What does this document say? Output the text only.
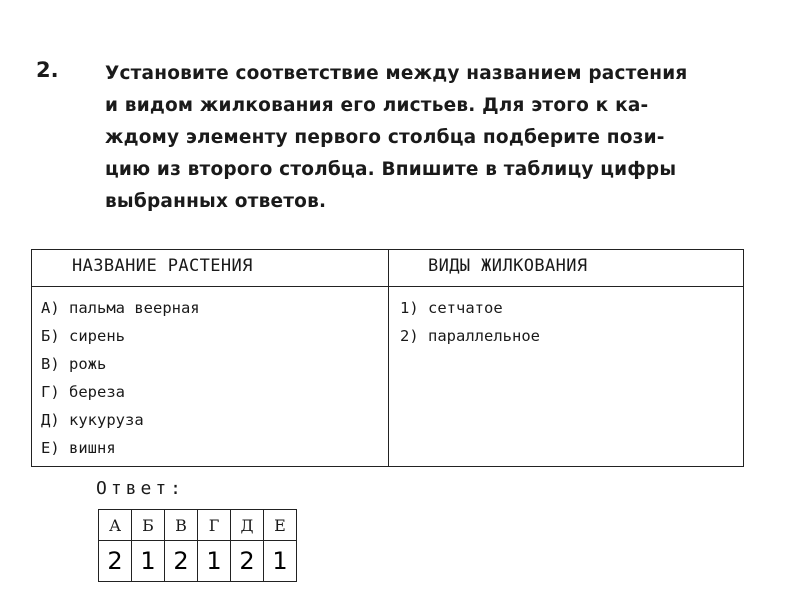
2.	Установите соответствие между названием растения
и видом жилкования его листьев. Для этого к ка-
ждому элементу первого столбца подберите пози-
цию из второго столбца. Впишите в таблицу цифры
выбранных ответов.

НАЗВАНИЕ РАСТЕНИЯ	ВИДЫ ЖИЛКОВАНИЯ
А) пальма веерная
Б) сирень
В) рожь
Г) береза
Д) кукуруза
Е) вишня
1) сетчатое
2) параллельное
Ответ:
А	Б	В	Г	Д	Е
2	1	2	1	2	1
